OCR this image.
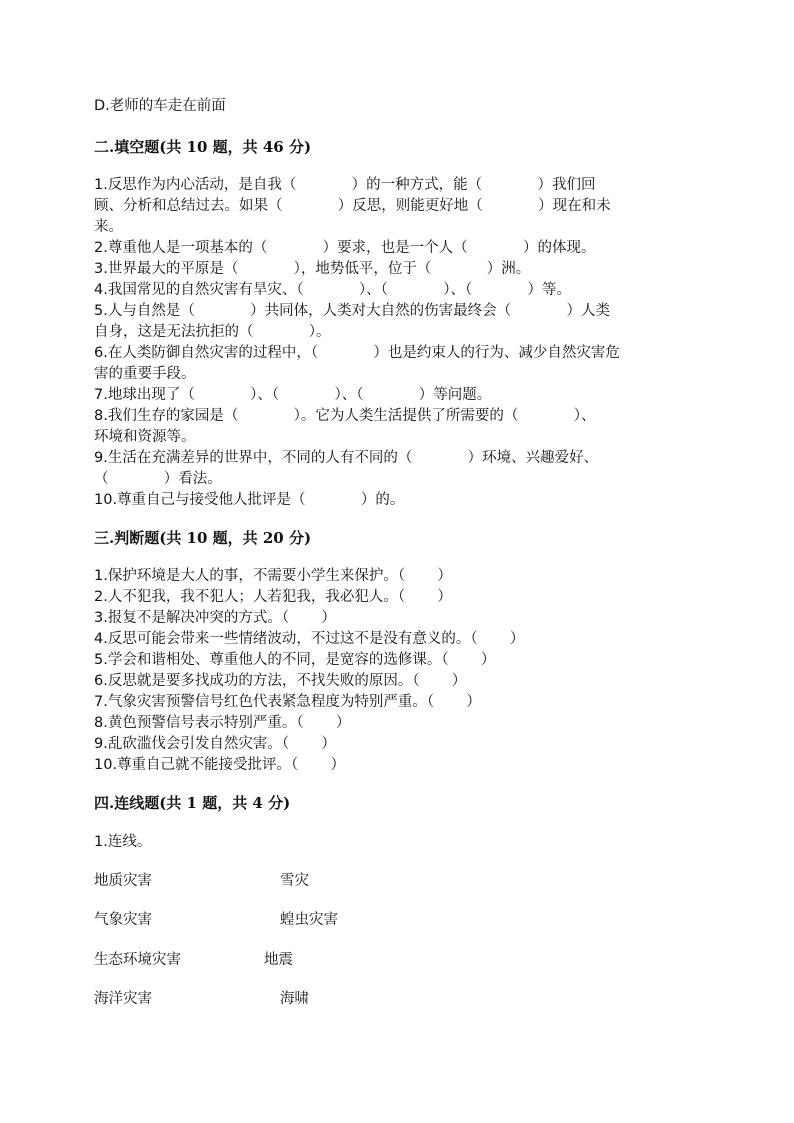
D.老师的车走在前面
二.填空题(共 10 题，共 46 分)
1.反思作为内心活动，是自我（            ）的一种方式，能（            ）我们回
顾、分析和总结过去。如果（            ）反思，则能更好地（            ）现在和未
来。
2.尊重他人是一项基本的（            ）要求，也是一个人（            ）的体现。
3.世界最大的平原是（            ），地势低平，位于（            ）洲。
4.我国常见的自然灾害有旱灾、（            ）、（            ）、（            ）等。
5.人与自然是（            ）共同体，人类对大自然的伤害最终会（            ）人类
自身，这是无法抗拒的（            ）。
6.在人类防御自然灾害的过程中，（            ）也是约束人的行为、减少自然灾害危
害的重要手段。
7.地球出现了（            ）、（            ）、（            ）等问题。
8.我们生存的家园是（            ）。它为人类生活提供了所需要的（            ）、
环境和资源等。
9.生活在充满差异的世界中，不同的人有不同的（            ）环境、兴趣爱好、
（            ）看法。
10.尊重自己与接受他人批评是（            ）的。
三.判断题(共 10 题，共 20 分)
1.保护环境是大人的事，不需要小学生来保护。（       ）
2.人不犯我，我不犯人；人若犯我，我必犯人。（       ）
3.报复不是解决冲突的方式。（       ）
4.反思可能会带来一些情绪波动，不过这不是没有意义的。（       ）
5.学会和谐相处、尊重他人的不同，是宽容的选修课。（       ）
6.反思就是要多找成功的方法，不找失败的原因。（       ）
7.气象灾害预警信号红色代表紧急程度为特别严重。（       ）
8.黄色预警信号表示特别严重。（       ）
9.乱砍滥伐会引发自然灾害。（       ）
10.尊重自己就不能接受批评。（       ）
四.连线题(共 1 题，共 4 分)
1.连线。
地质灾害	雪灾
气象灾害	蝗虫灾害
生态环境灾害	地震
海洋灾害	海啸
